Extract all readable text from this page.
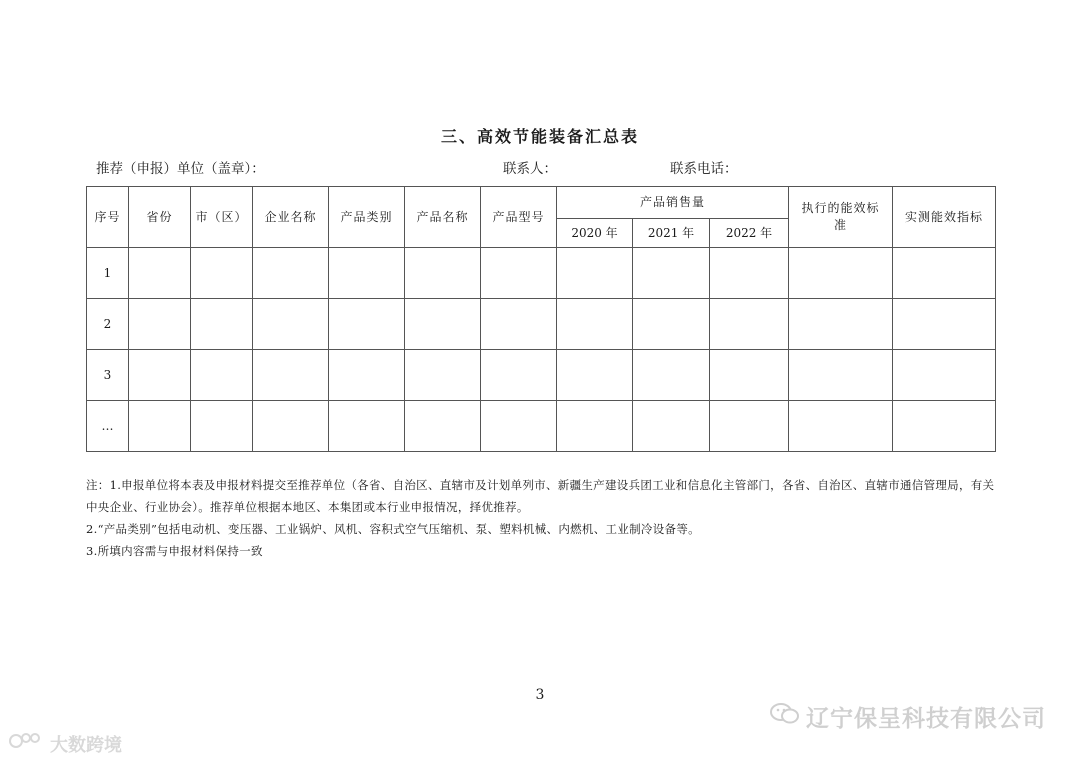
三、高效节能装备汇总表
推荐（申报）单位（盖章）：	联系人：	联系电话：
序号	省份	市（区）	企业名称	产品类别	产品名称	产品型号	产品销售量			执行的能效标准	实测能效指标
							2020 年	2021 年	2022 年		
1											
2											
3											
…											

注：1.申报单位将本表及申报材料提交至推荐单位（各省、自治区、直辖市及计划单列市、新疆生产建设兵团工业和信息化主管部门，各省、自治区、直辖市通信管理局，有关中央企业、行业协会）。推荐单位根据本地区、本集团或本行业申报情况，择优推荐。

2.“产品类别”包括电动机、变压器、工业锅炉、风机、容积式空气压缩机、泵、塑料机械、内燃机、工业制冷设备等。

3.所填内容需与申报材料保持一致

3
辽宁保呈科技有限公司
大数跨境
